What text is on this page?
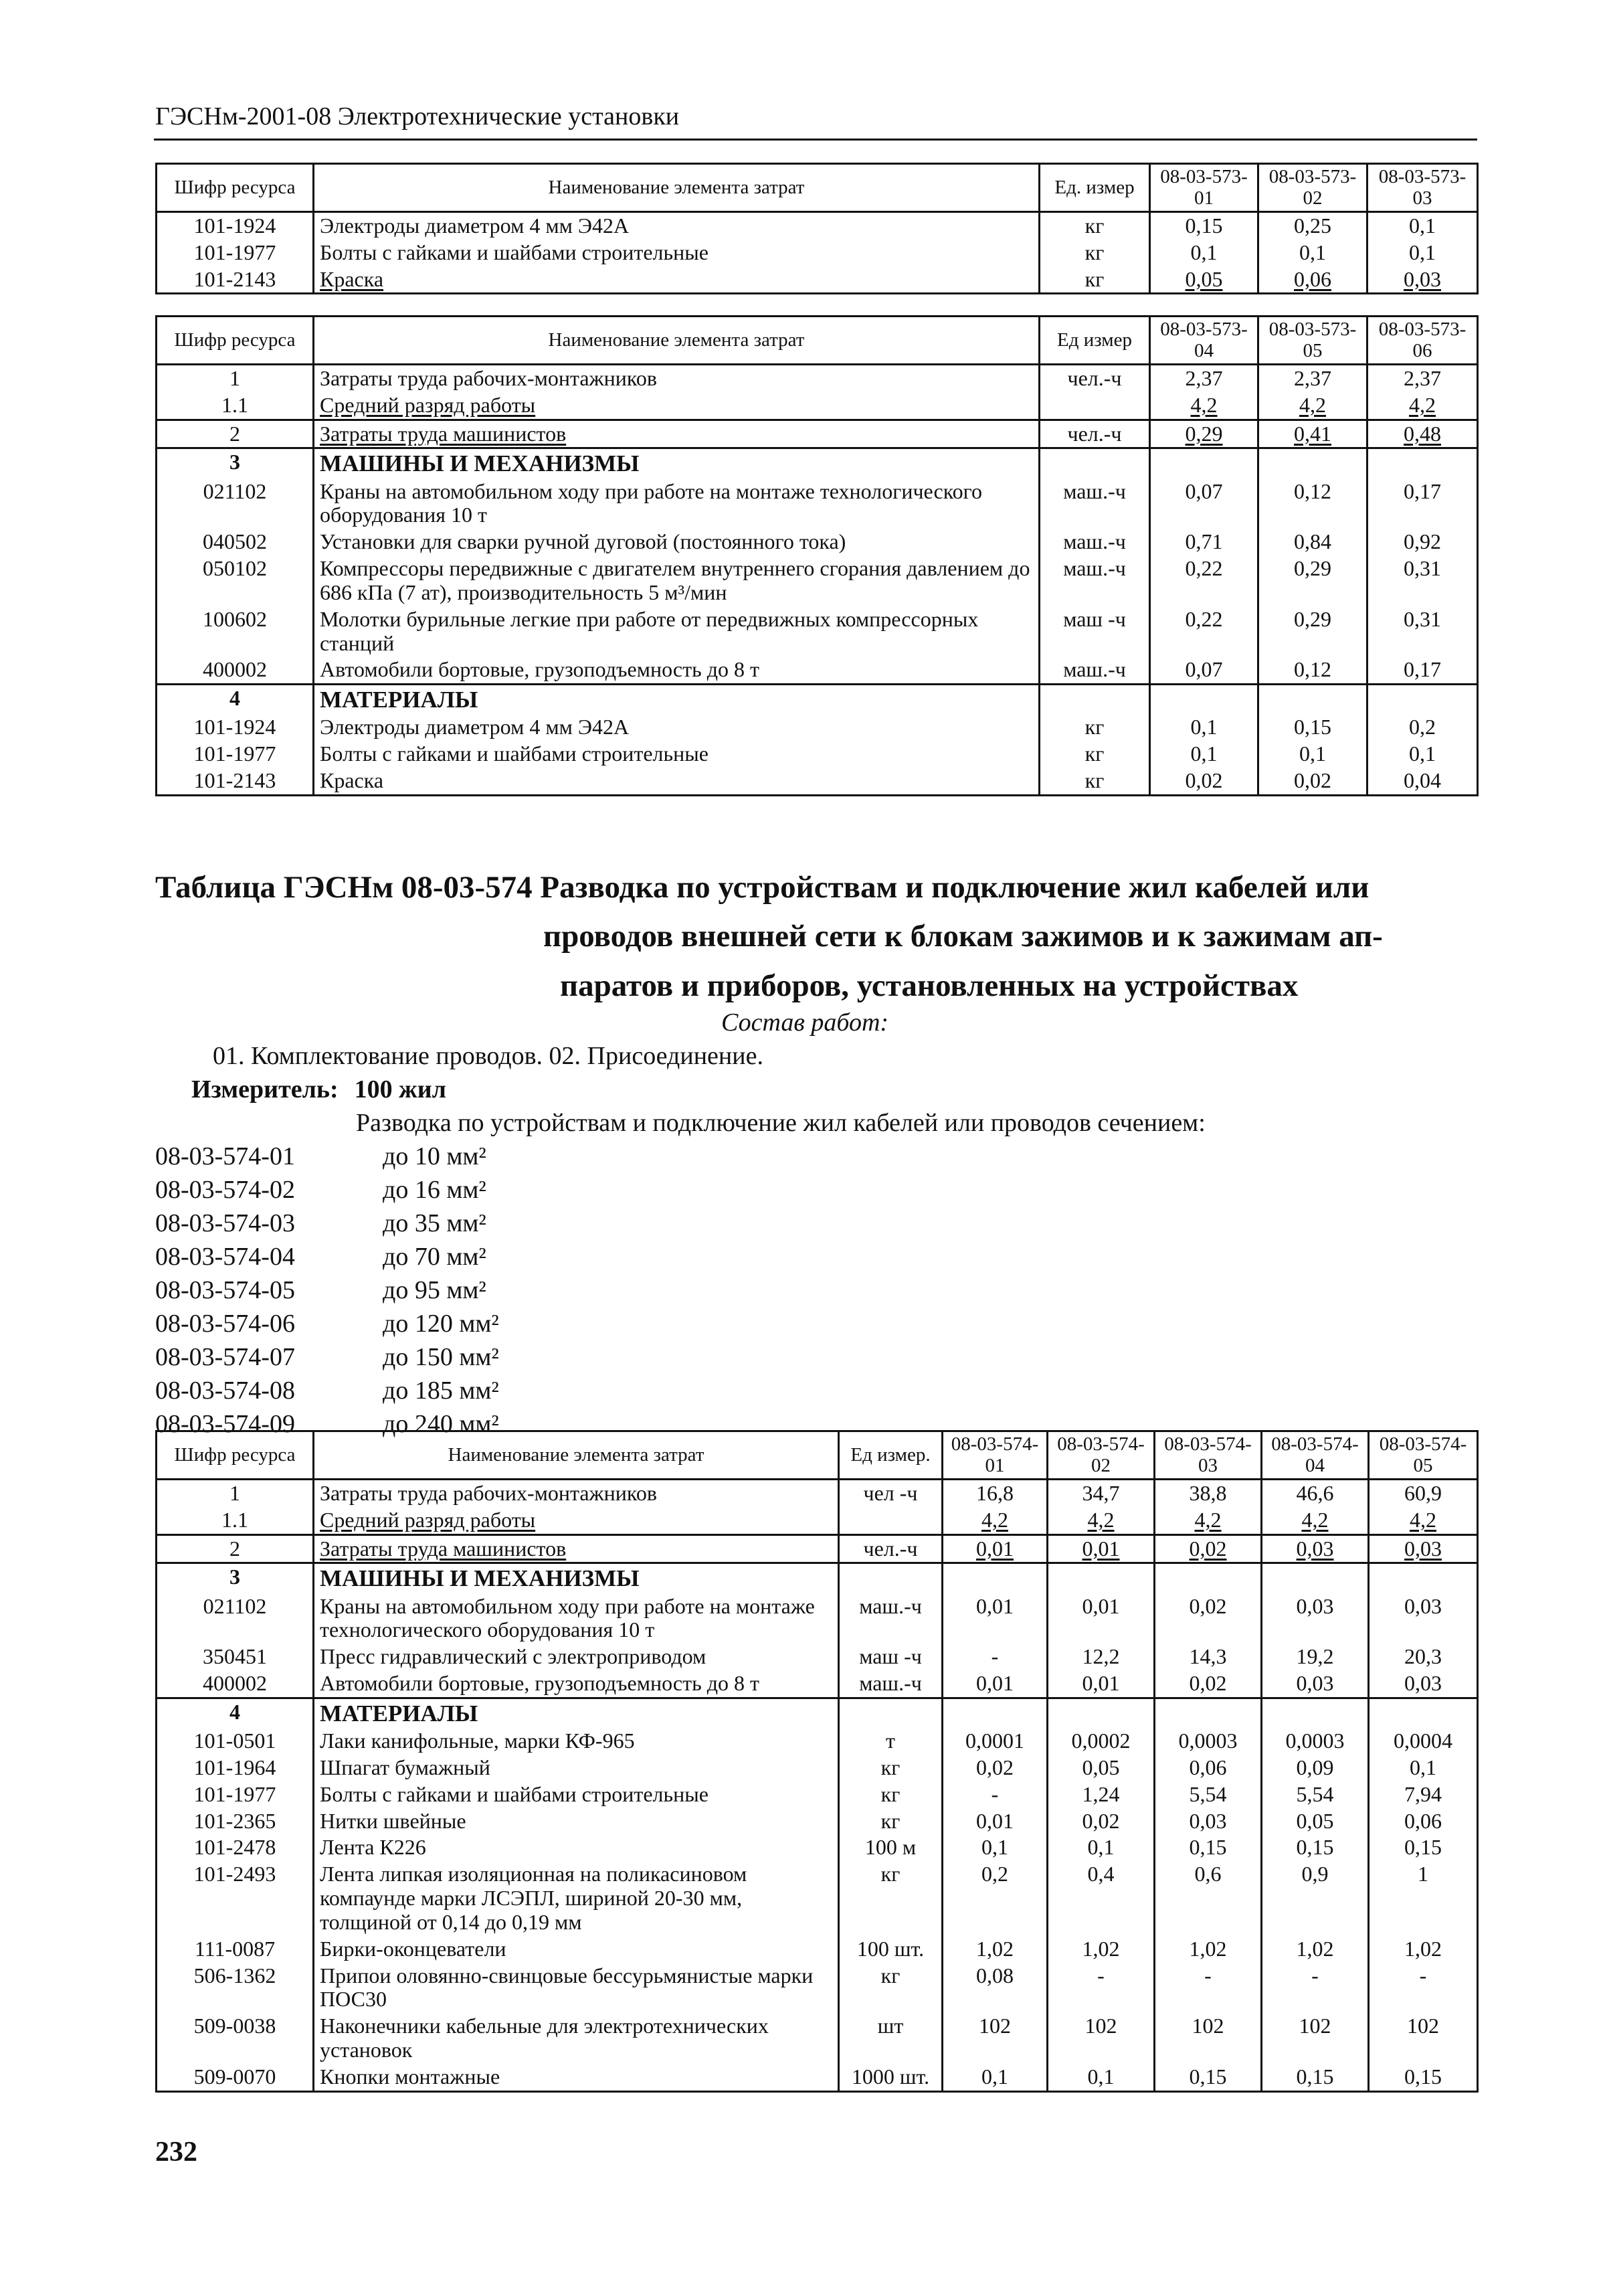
ГЭСНм-2001-08 Электротехнические установки
Шифр ресурса	Наименование элемента затрат	Ед. измер	08-03-573-01	08-03-573-02	08-03-573-03
101-1924	Электроды диаметром 4 мм Э42А	кг	0,15	0,25	0,1
101-1977	Болты с гайками и шайбами строительные	кг	0,1	0,1	0,1
101-2143	Краска	кг	0,05	0,06	0,03
Шифр ресурса	Наименование элемента затрат	Ед измер	08-03-573-04	08-03-573-05	08-03-573-06
1	Затраты труда рабочих-монтажников	чел.-ч	2,37	2,37	2,37
1.1	Средний разряд работы		4,2	4,2	4,2
2	Затраты труда машинистов	чел.-ч	0,29	0,41	0,48
3	МАШИНЫ И МЕХАНИЗМЫ				
021102	Краны на автомобильном ходу при работе на монтаже технологического оборудования 10 т	маш.-ч	0,07	0,12	0,17
040502	Установки для сварки ручной дуговой (постоянного тока)	маш.-ч	0,71	0,84	0,92
050102	Компрессоры передвижные с двигателем внутреннего сгорания давлением до 686 кПа (7 ат), производительность 5 м³/мин	маш.-ч	0,22	0,29	0,31
100602	Молотки бурильные легкие при работе от передвижных компрессорных станций	маш -ч	0,22	0,29	0,31
400002	Автомобили бортовые, грузоподъемность до 8 т	маш.-ч	0,07	0,12	0,17
4	МАТЕРИАЛЫ				
101-1924	Электроды диаметром 4 мм Э42А	кг	0,1	0,15	0,2
101-1977	Болты с гайками и шайбами строительные	кг	0,1	0,1	0,1
101-2143	Краска	кг	0,02	0,02	0,04
Таблица ГЭСНм 08-03-574 Разводка по устройствам и подключение жил кабелей или
проводов внешней сети к блокам зажимов и к зажимам ап-
паратов и приборов, установленных на устройствах
Состав работ:
01. Комплектование проводов. 02. Присоединение.
Измеритель: 100 жил
Разводка по устройствам и подключение жил кабелей или проводов сечением:
08-03-574-01	до 10 мм²
08-03-574-02	до 16 мм²
08-03-574-03	до 35 мм²
08-03-574-04	до 70 мм²
08-03-574-05	до 95 мм²
08-03-574-06	до 120 мм²
08-03-574-07	до 150 мм²
08-03-574-08	до 185 мм²
08-03-574-09	до 240 мм²
Шифр ресурса	Наименование элемента затрат	Ед измер.	08-03-574-01	08-03-574-02	08-03-574-03	08-03-574-04	08-03-574-05
1	Затраты труда рабочих-монтажников	чел -ч	16,8	34,7	38,8	46,6	60,9
1.1	Средний разряд работы		4,2	4,2	4,2	4,2	4,2
2	Затраты труда машинистов	чел.-ч	0,01	0,01	0,02	0,03	0,03
3	МАШИНЫ И МЕХАНИЗМЫ						
021102	Краны на автомобильном ходу при работе на монтаже технологического оборудования 10 т	маш.-ч	0,01	0,01	0,02	0,03	0,03
350451	Пресс гидравлический с электроприводом	маш -ч	-	12,2	14,3	19,2	20,3
400002	Автомобили бортовые, грузоподъемность до 8 т	маш.-ч	0,01	0,01	0,02	0,03	0,03
4	МАТЕРИАЛЫ						
101-0501	Лаки канифольные, марки КФ-965	т	0,0001	0,0002	0,0003	0,0003	0,0004
101-1964	Шпагат бумажный	кг	0,02	0,05	0,06	0,09	0,1
101-1977	Болты с гайками и шайбами строительные	кг	-	1,24	5,54	5,54	7,94
101-2365	Нитки швейные	кг	0,01	0,02	0,03	0,05	0,06
101-2478	Лента К226	100 м	0,1	0,1	0,15	0,15	0,15
101-2493	Лента липкая изоляционная на поликасиновом компаунде марки ЛСЭПЛ, шириной 20-30 мм, толщиной от 0,14 до 0,19 мм	кг	0,2	0,4	0,6	0,9	1
111-0087	Бирки-оконцеватели	100 шт.	1,02	1,02	1,02	1,02	1,02
506-1362	Припои оловянно-свинцовые бессурьмянистые марки ПОС30	кг	0,08	-	-	-	-
509-0038	Наконечники кабельные для электротехнических установок	шт	102	102	102	102	102
509-0070	Кнопки монтажные	1000 шт.	0,1	0,1	0,15	0,15	0,15
232
